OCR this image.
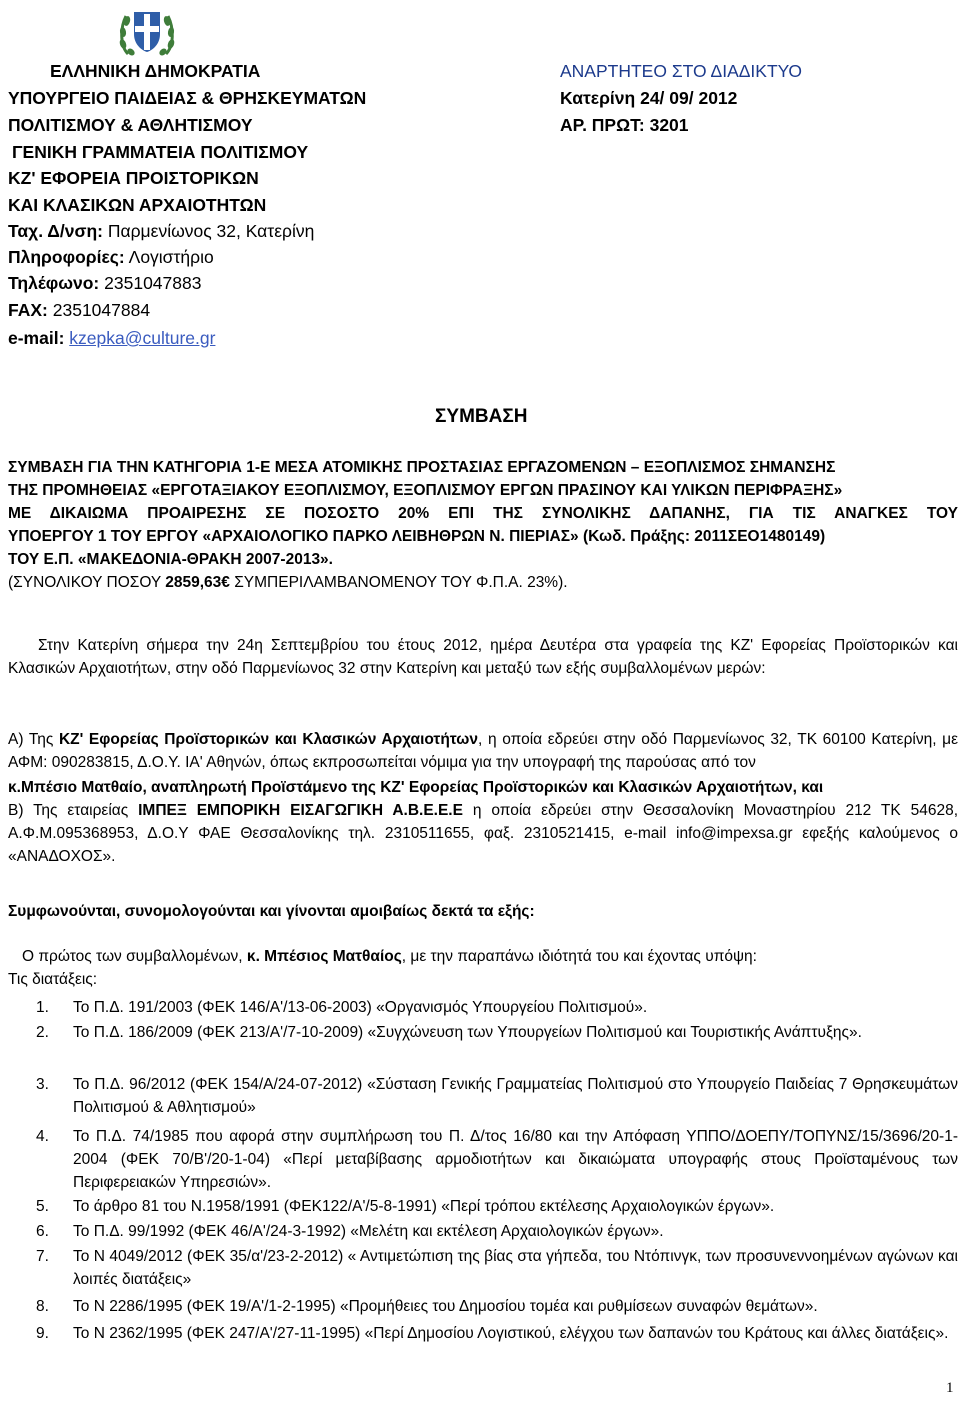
ΕΛΛΗΝΙΚΗ ΔΗΜΟΚΡΑΤΙΑ
ΥΠΟΥΡΓΕΙΟ ΠΑΙΔΕΙΑΣ & ΘΡΗΣΚΕΥΜΑΤΩΝ
ΠΟΛΙΤΙΣΜΟΥ & ΑΘΛΗΤΙΣΜΟΥ
ΓΕΝΙΚΗ ΓΡΑΜΜΑΤΕΙΑ ΠΟΛΙΤΙΣΜΟΥ
ΚΖ' ΕΦΟΡΕΙΑ ΠΡΟΙΣΤΟΡΙΚΩΝ
ΚΑΙ ΚΛΑΣΙΚΩΝ ΑΡΧΑΙΟΤΗΤΩΝ
Ταχ. Δ/νση: Παρμενίωνος 32, Κατερίνη
Πληροφορίες: Λογιστήριο
Τηλέφωνο: 2351047883
FAX: 2351047884
e-mail: kzepka@culture.gr
ΑΝΑΡΤΗΤΕΟ ΣΤΟ ΔΙΑΔΙΚΤΥΟ
Κατερίνη 24/ 09/ 2012
ΑΡ. ΠΡΩΤ: 3201
ΣΥΜΒΑΣΗ
ΣΥΜΒΑΣΗ ΓΙΑ ΤΗΝ ΚΑΤΗΓΟΡΙΑ 1-Ε ΜΕΣΑ ΑΤΟΜΙΚΗΣ ΠΡΟΣΤΑΣΙΑΣ ΕΡΓΑΖΟΜΕΝΩΝ – ΕΞΟΠΛΙΣΜΟΣ ΣΗΜΑΝΣΗΣ
ΤΗΣ ΠΡΟΜΗΘΕΙΑΣ «ΕΡΓΟΤΑΞΙΑΚΟΥ ΕΞΟΠΛΙΣΜΟΥ, ΕΞΟΠΛΙΣΜΟΥ ΕΡΓΩΝ ΠΡΑΣΙΝΟΥ ΚΑΙ ΥΛΙΚΩΝ ΠΕΡΙΦΡΑΞΗΣ»
ΜΕ ΔΙΚΑΙΩΜΑ ΠΡΟΑΙΡΕΣΗΣ ΣΕ ΠΟΣΟΣΤΟ 20% ΕΠΙ ΤΗΣ ΣΥΝΟΛΙΚΗΣ ΔΑΠΑΝΗΣ, ΓΙΑ ΤΙΣ ΑΝΑΓΚΕΣ ΤΟΥ
ΥΠΟΕΡΓΟΥ 1 ΤΟΥ ΕΡΓΟΥ «ΑΡΧΑΙΟΛΟΓΙΚΟ ΠΑΡΚΟ ΛΕΙΒΗΘΡΩΝ Ν. ΠΙΕΡΙΑΣ» (Κωδ. Πράξης: 2011ΣΕΟ1480149)
ΤΟΥ Ε.Π. «ΜΑΚΕΔΟΝΙΑ-ΘΡΑΚΗ 2007-2013».
(ΣΥΝΟΛΙΚΟΥ ΠΟΣΟΥ 2859,63€ ΣΥΜΠΕΡΙΛΑΜΒΑΝΟΜΕΝΟΥ ΤΟΥ Φ.Π.Α. 23%).
Στην Κατερίνη σήμερα την 24η Σεπτεμβρίου του έτους 2012, ημέρα Δευτέρα στα γραφεία της ΚΖ' Εφορείας Προϊστορικών και Κλασικών Αρχαιοτήτων, στην οδό Παρμενίωνος 32 στην Κατερίνη και μεταξύ των εξής συμβαλλομένων μερών:
Α) Της ΚΖ' Εφορείας Προϊστορικών και Κλασικών Αρχαιοτήτων, η οποία εδρεύει στην οδό Παρμενίωνος 32, ΤΚ 60100 Κατερίνη, με ΑΦΜ: 090283815, Δ.Ο.Υ. ΙΑ' Αθηνών, όπως εκπροσωπείται νόμιμα για την υπογραφή της παρούσας από τον
κ.Μπέσιο Ματθαίο, αναπληρωτή Προϊστάμενο της ΚΖ' Εφορείας Προϊστορικών και Κλασικών Αρχαιοτήτων, και
Β) Της εταιρείας ΙΜΠΕΞ ΕΜΠΟΡΙΚΗ ΕΙΣΑΓΩΓΙΚΗ Α.Β.Ε.Ε.Ε η οποία εδρεύει στην Θεσσαλονίκη Μοναστηρίου 212 ΤΚ 54628, Α.Φ.Μ.095368953, Δ.Ο.Υ ΦΑΕ Θεσσαλονίκης τηλ. 2310511655, φαξ. 2310521415, e-mail info@impexsa.gr εφεξής καλούμενος ο «ΑΝΑΔΟΧΟΣ».
Συμφωνούνται, συνομολογούνται και γίνονται αμοιβαίως δεκτά τα εξής:
Ο πρώτος των συμβαλλομένων, κ. Μπέσιος Ματθαίος, με την παραπάνω ιδιότητά του και έχοντας υπόψη:
Τις διατάξεις:
1. Το Π.Δ. 191/2003 (ΦΕΚ 146/Α'/13-06-2003) «Οργανισμός Υπουργείου Πολιτισμού».
2. Το Π.Δ. 186/2009 (ΦΕΚ 213/Α'/7-10-2009) «Συγχώνευση των Υπουργείων Πολιτισμού και Τουριστικής Ανάπτυξης».
3. Το Π.Δ. 96/2012 (ΦΕΚ 154/Α/24-07-2012) «Σύσταση Γενικής Γραμματείας Πολιτισμού στο Υπουργείο Παιδείας 7 Θρησκευμάτων Πολιτισμού & Αθλητισμού»
4. Το Π.Δ. 74/1985 που αφορά στην συμπλήρωση του Π. Δ/τος 16/80 και την Απόφαση ΥΠΠΟ/ΔΟΕΠΥ/ΤΟΠΥΝΣ/15/3696/20-1-2004 (ΦΕΚ 70/Β'/20-1-04) «Περί μεταβίβασης αρμοδιοτήτων και δικαιώματα υπογραφής στους Προϊσταμένους των Περιφερειακών Υπηρεσιών».
5. Το άρθρο 81 του Ν.1958/1991 (ΦΕΚ122/Α'/5-8-1991) «Περί τρόπου εκτέλεσης Αρχαιολογικών έργων».
6. Το Π.Δ. 99/1992 (ΦΕΚ 46/Α'/24-3-1992) «Μελέτη και εκτέλεση Αρχαιολογικών έργων».
7. Το Ν 4049/2012 (ΦΕΚ 35/α'/23-2-2012) « Αντιμετώπιση της βίας στα γήπεδα, του Ντόπινγκ, των προσυνεννοημένων αγώνων και λοιπές διατάξεις»
8. Το Ν 2286/1995 (ΦΕΚ 19/Α'/1-2-1995) «Προμήθειες του Δημοσίου τομέα και ρυθμίσεων συναφών θεμάτων».
9. Το Ν 2362/1995 (ΦΕΚ 247/Α'/27-11-1995) «Περί Δημοσίου Λογιστικού, ελέγχου των δαπανών του Κράτους και άλλες διατάξεις».
1
